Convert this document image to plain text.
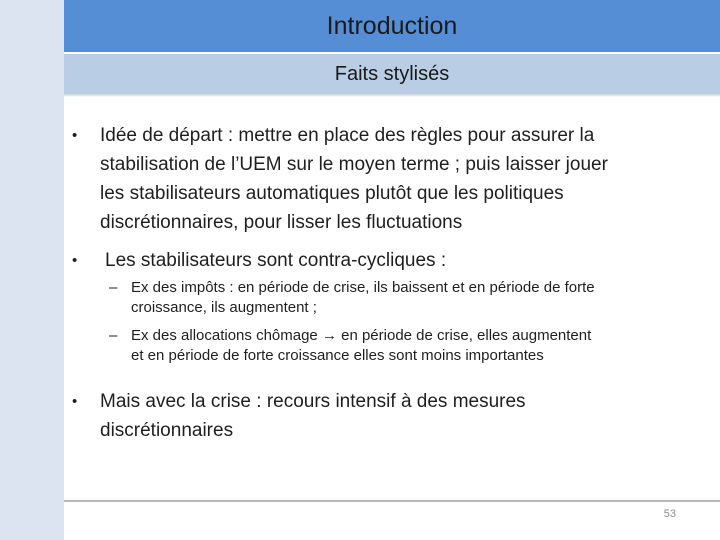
Introduction
Faits stylisés
• Idée de départ : mettre en place des règles pour assurer la
stabilisation de l’UEM sur le moyen terme ; puis laisser jouer
les stabilisateurs automatiques plutôt que les politiques
discrétionnaires, pour lisser les fluctuations
• Les stabilisateurs sont contra-cycliques :
– Ex des impôts : en période de crise, ils baissent et en période de forte
croissance, ils augmentent ;
– Ex des allocations chômage → en période de crise, elles augmentent
et en période de forte croissance elles sont moins importantes
• Mais avec la crise : recours intensif à des mesures
discrétionnaires
53
